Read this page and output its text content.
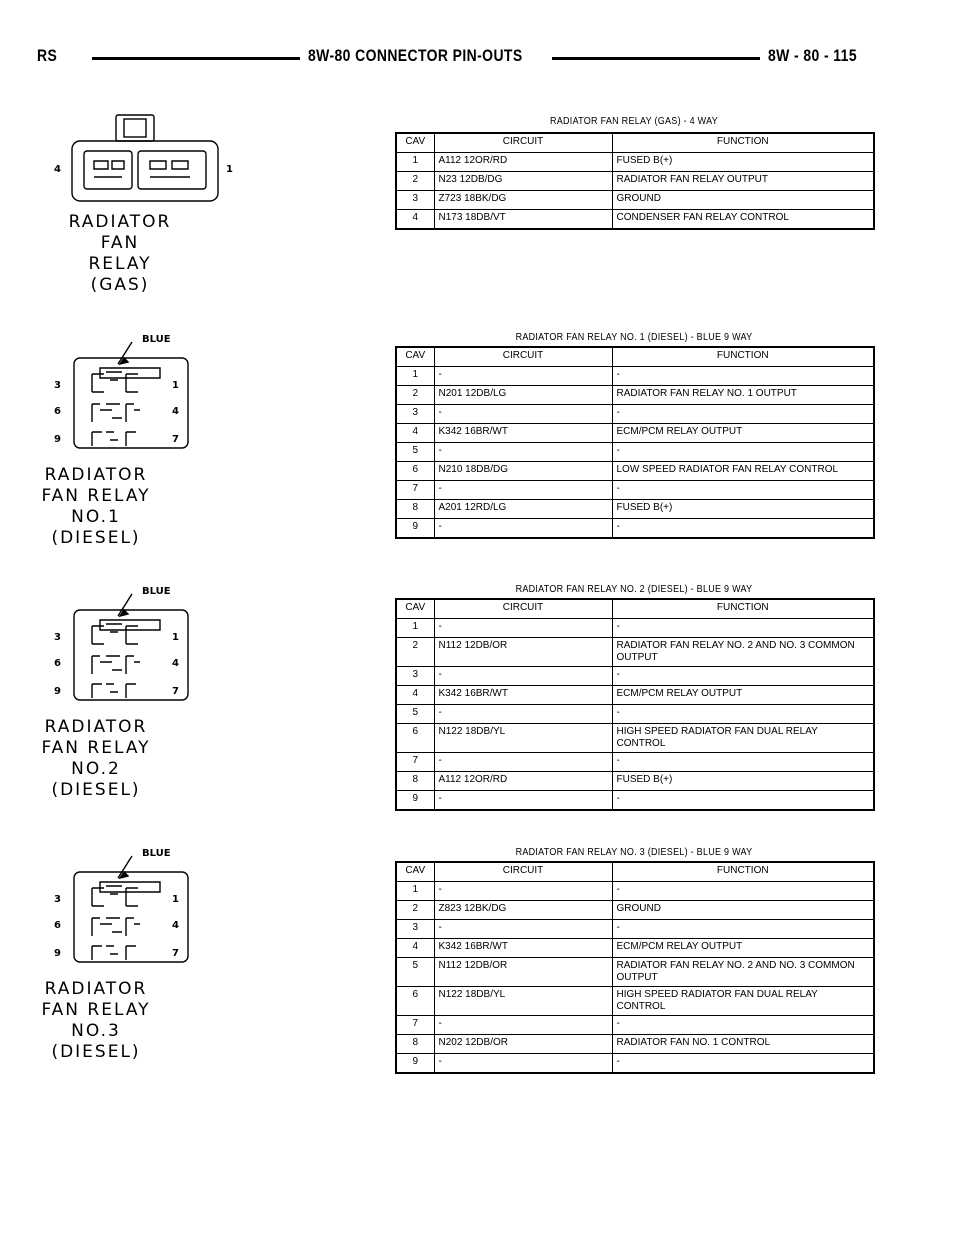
RS	8W-80 CONNECTOR PIN-OUTS	8W - 80 - 115
4	1
RADIATOR
FAN
RELAY
(GAS)
RADIATOR FAN RELAY (GAS) - 4 WAY
CAV	CIRCUIT	FUNCTION
1	A112 12OR/RD	FUSED B(+)
2	N23 12DB/DG	RADIATOR FAN RELAY OUTPUT
3	Z723 18BK/DG	GROUND
4	N173 18DB/VT	CONDENSER FAN RELAY CONTROL
BLUE
3
6
9
1
4
7
RADIATOR
FAN RELAY
NO.1
(DIESEL)
RADIATOR FAN RELAY NO. 1 (DIESEL) - BLUE 9 WAY
CAV	CIRCUIT	FUNCTION
1	-	-
2	N201 12DB/LG	RADIATOR FAN RELAY NO. 1 OUTPUT
3	-	-
4	K342 16BR/WT	ECM/PCM RELAY OUTPUT
5	-	-
6	N210 18DB/DG	LOW SPEED RADIATOR FAN RELAY CONTROL
7	-	-
8	A201 12RD/LG	FUSED B(+)
9	-	-
BLUE
3
6
9
1
4
7
RADIATOR
FAN RELAY
NO.2
(DIESEL)
RADIATOR FAN RELAY NO. 2 (DIESEL) - BLUE 9 WAY
CAV	CIRCUIT	FUNCTION
1	-	-
2	N112 12DB/OR	RADIATOR FAN RELAY NO. 2 AND NO. 3 COMMON OUTPUT
3	-	-
4	K342 16BR/WT	ECM/PCM RELAY OUTPUT
5	-	-
6	N122 18DB/YL	HIGH SPEED RADIATOR FAN DUAL RELAY CONTROL
7	-	-
8	A112 12OR/RD	FUSED B(+)
9	-	-
BLUE
3
6
9
1
4
7
RADIATOR
FAN RELAY
NO.3
(DIESEL)
RADIATOR FAN RELAY NO. 3 (DIESEL) - BLUE 9 WAY
CAV	CIRCUIT	FUNCTION
1	-	-
2	Z823 12BK/DG	GROUND
3	-	-
4	K342 16BR/WT	ECM/PCM RELAY OUTPUT
5	N112 12DB/OR	RADIATOR FAN RELAY NO. 2 AND NO. 3 COMMON OUTPUT
6	N122 18DB/YL	HIGH SPEED RADIATOR FAN DUAL RELAY CONTROL
7	-	-
8	N202 12DB/OR	RADIATOR FAN NO. 1 CONTROL
9	-	-
